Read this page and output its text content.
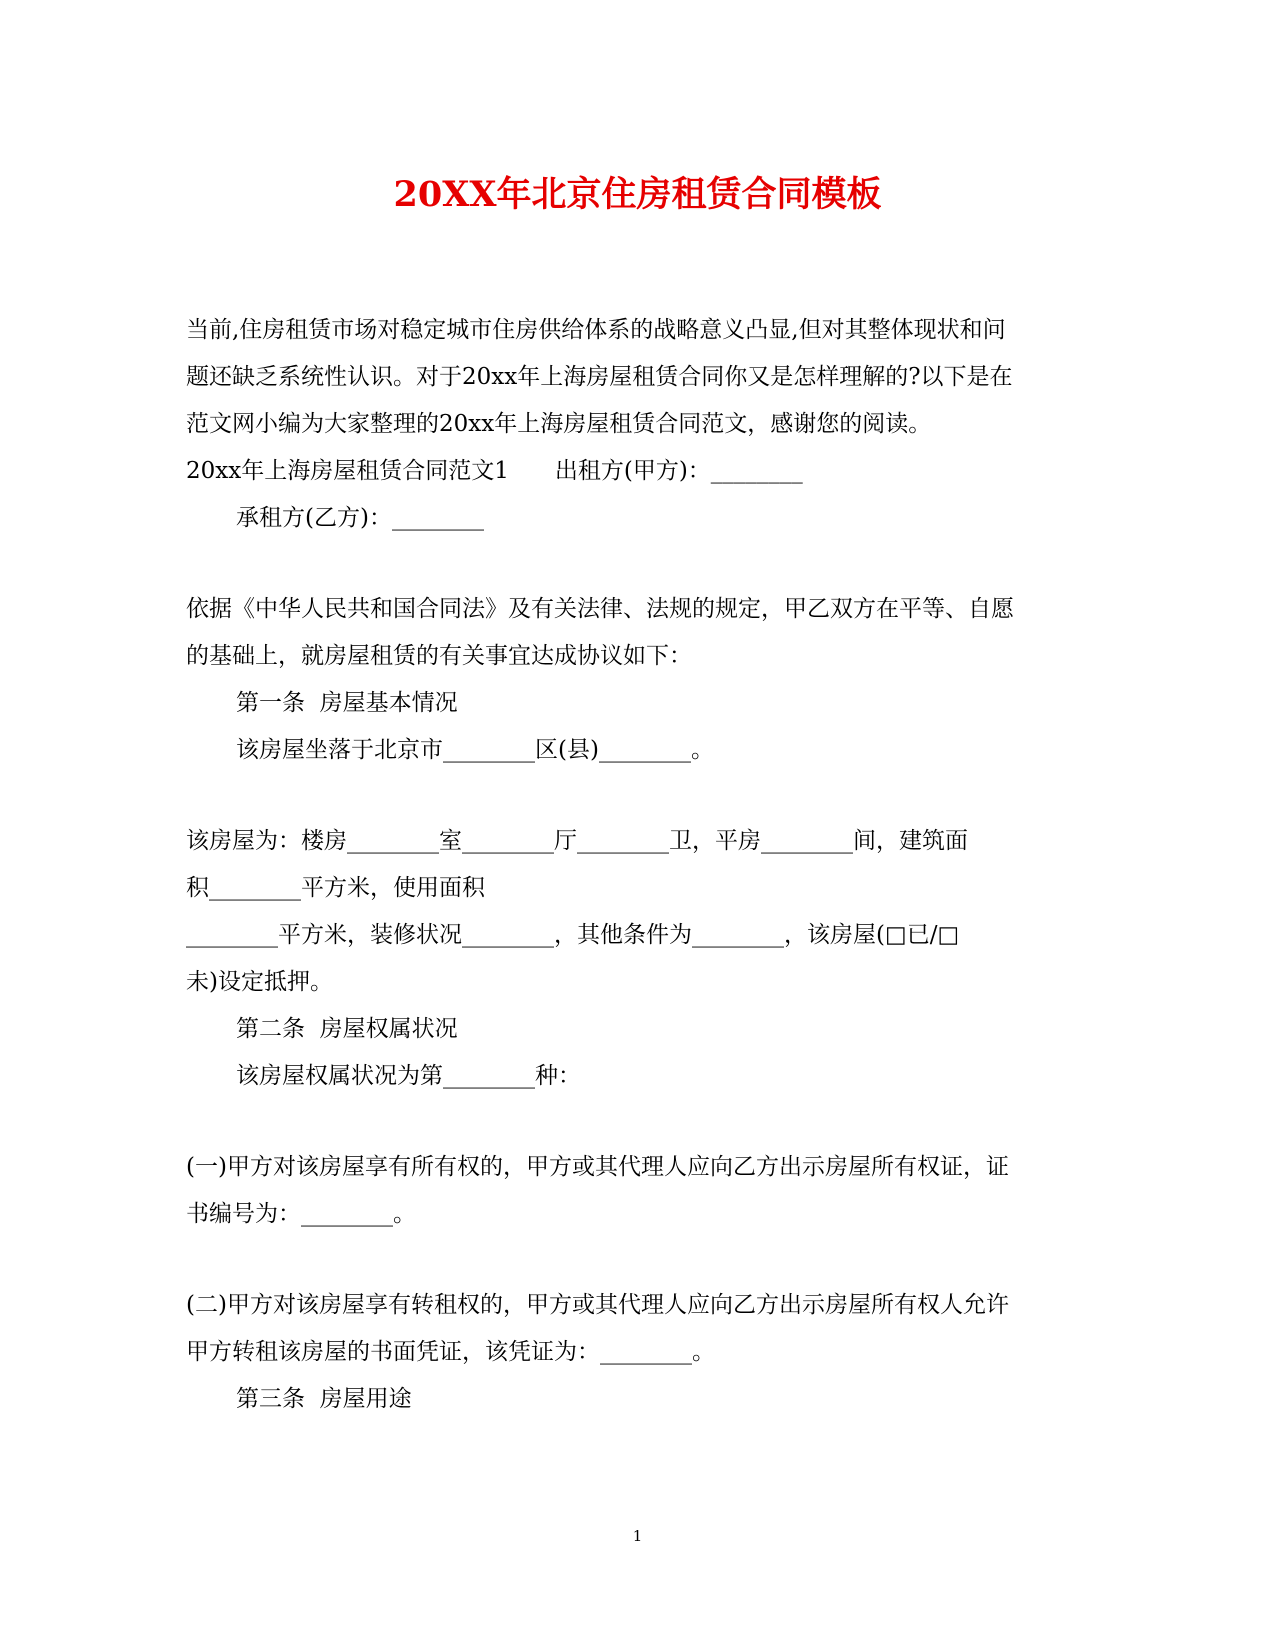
20XX年北京住房租赁合同模板
当前,住房租赁市场对稳定城市住房供给体系的战略意义凸显,但对其整体现状和问
题还缺乏系统性认识。对于20xx年上海房屋租赁合同你又是怎样理解的?以下是在
范文网小编为大家整理的20xx年上海房屋租赁合同范文，感谢您的阅读。
20xx年上海房屋租赁合同范文1　　出租方(甲方)：________
承租方(乙方)：________
依据《中华人民共和国合同法》及有关法律、法规的规定，甲乙双方在平等、自愿
的基础上，就房屋租赁的有关事宜达成协议如下：
第一条  房屋基本情况
该房屋坐落于北京市________区(县)________。
该房屋为：楼房________室________厅________卫，平房________间，建筑面
积________平方米，使用面积
________平方米，装修状况________，其他条件为________，该房屋(□已/□
未)设定抵押。
第二条  房屋权属状况
该房屋权属状况为第________种：
(一)甲方对该房屋享有所有权的，甲方或其代理人应向乙方出示房屋所有权证，证
书编号为：________。
(二)甲方对该房屋享有转租权的，甲方或其代理人应向乙方出示房屋所有权人允许
甲方转租该房屋的书面凭证，该凭证为：________。
第三条  房屋用途
1
